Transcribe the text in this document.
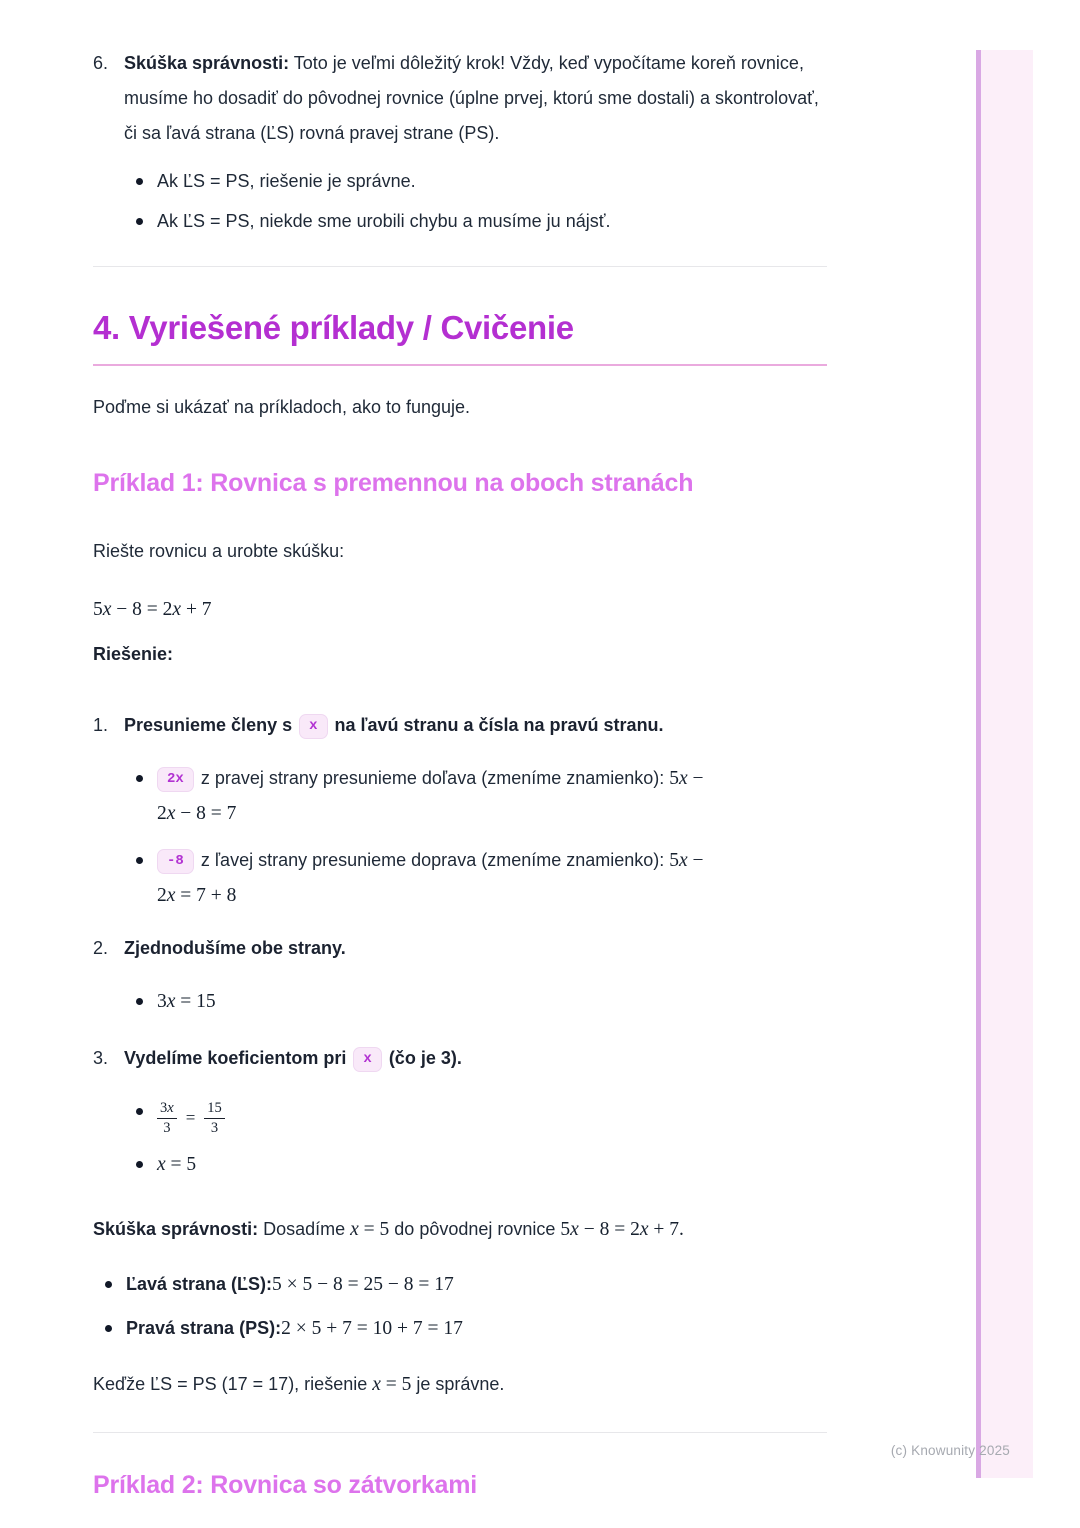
6. Skúška správnosti: Toto je veľmi dôležitý krok! Vždy, keď vypočítame koreň rovnice, musíme ho dosadiť do pôvodnej rovnice (úplne prvej, ktorú sme dostali) a skontrolovať, či sa ľavá strana (ĽS) rovná pravej strane (PS).

Ak ĽS = PS, riešenie je správne.
Ak ĽS = PS, niekde sme urobili chybu a musíme ju nájsť.
4. Vyriešené príklady / Cvičenie

Poďme si ukázať na príkladoch, ako to funguje.

Príklad 1: Rovnica s premennou na oboch stranách

Riešte rovnicu a urobte skúšku:

5x − 8 = 2x + 7

Riešenie:

1. Presunieme členy s x na ľavú stranu a čísla na pravú stranu.

2x z pravej strany presunieme doľava (zmeníme znamienko): 5x −
2x − 8 = 7
-8 z ľavej strany presunieme doprava (zmeníme znamienko): 5x −
2x = 7 + 8
2. Zjednodušíme obe strany.

3x = 15
3. Vydelíme koeficientom pri x (čo je 3).

$\frac{3x}{3} = \frac{15}{3}$
x = 5

Skúška správnosti: Dosadíme x = 5 do pôvodnej rovnice 5x − 8 = 2x + 7.

Ľavá strana (ĽS):5 × 5 − 8 = 25 − 8 = 17
Pravá strana (PS):2 × 5 + 7 = 10 + 7 = 17

Keďže ĽS = PS (17 = 17), riešenie x = 5 je správne.

Príklad 2: Rovnica so zátvorkami
(c) Knowunity 2025
